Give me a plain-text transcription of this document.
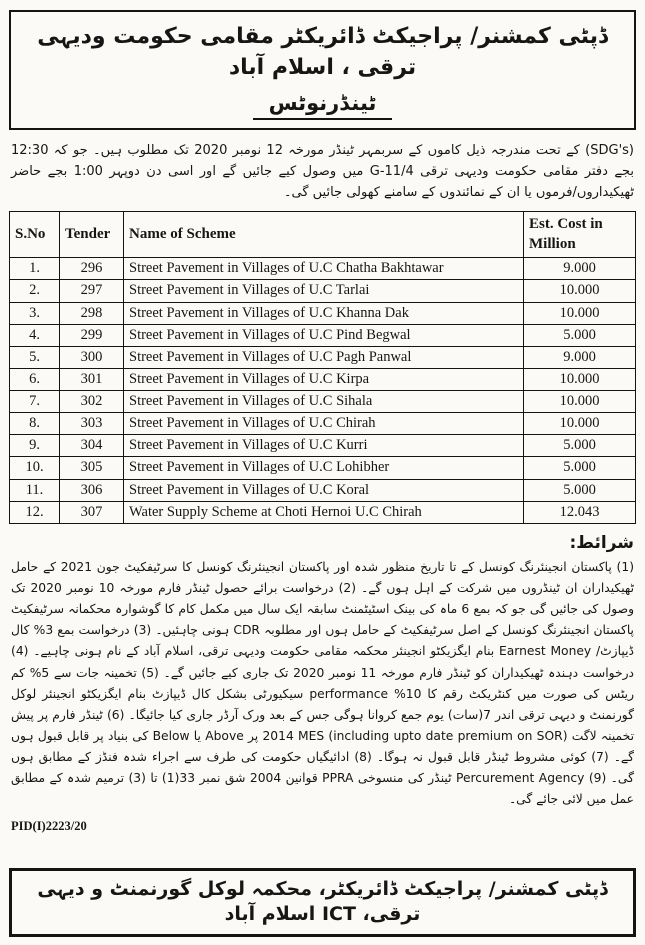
ڈپٹی کمشنر/ پراجیکٹ ڈائریکٹر مقامی حکومت ودیہی ترقی ، اسلام آباد
ٹینڈرنوٹس
(SDG's) کے تحت مندرجہ ذیل کاموں کے سربمہر ٹینڈر مورخہ 12 نومبر 2020 تک مطلوب ہیں۔ جو کہ 12:30 بجے دفتر مقامی حکومت ودیہی ترقی G-11/4 میں وصول کیے جائیں گے اور اسی دن دوپہر 1:00 بجے حاضر ٹھیکیداروں/فرموں یا ان کے نمائندوں کے سامنے کھولی جائیں گی۔
S.No	Tender	Name of Scheme	Est. Cost in Million
1.	296	Street Pavement in Villages of U.C Chatha Bakhtawar	9.000
2.	297	Street Pavement in Villages of U.C Tarlai	10.000
3.	298	Street Pavement in Villages of U.C Khanna Dak	10.000
4.	299	Street Pavement in Villages of U.C Pind Begwal	5.000
5.	300	Street Pavement in Villages of U.C Pagh Panwal	9.000
6.	301	Street Pavement in Villages of U.C Kirpa	10.000
7.	302	Street Pavement in Villages of U.C Sihala	10.000
8.	303	Street Pavement in Villages of U.C Chirah	10.000
9.	304	Street Pavement in Villages of U.C Kurri	5.000
10.	305	Street Pavement in Villages of U.C Lohibher	5.000
11.	306	Street Pavement in Villages of U.C Koral	5.000
12.	307	Water Supply Scheme at Choti Hernoi U.C Chirah	12.043
شرائط:
(1) پاکستان انجینئرنگ کونسل کے تا تاریخ منظور شدہ اور پاکستان انجینئرنگ کونسل کا سرٹیفکیٹ جون 2021 کے حامل ٹھیکیداران ان ٹینڈروں میں شرکت کے اہل ہوں گے۔ (2) درخواست برائے حصول ٹینڈر فارم مورخہ 10 نومبر 2020 تک وصول کی جائیں گی جو کہ بمع 6 ماہ کی بینک اسٹیٹمنٹ سابقہ ایک سال میں مکمل کام کا گوشوارہ محکمانہ سرٹیفکیٹ پاکستان انجینئرنگ کونسل کے اصل سرٹیفکیٹ کے حامل ہوں اور مطلوبہ CDR ہونی چاہئیں۔ (3) درخواست بمع 3% کال ڈیپازٹ/ Earnest Money بنام ایگزیکٹو انجینئر محکمہ مقامی حکومت ودیہی ترقی، اسلام آباد کے نام ہونی چاہیے۔ (4) درخواست دہندہ ٹھیکیداران کو ٹینڈر فارم مورخہ 11 نومبر 2020 تک جاری کیے جائیں گے۔ (5) تخمینہ جات سے 5% کم ریٹس کی صورت میں کنٹریکٹ رقم کا 10% performance سیکیورٹی بشکل کال ڈیپازٹ بنام ایگزیکٹو انجینئر لوکل گورنمنٹ و دیہی ترقی اندر 7(سات) یوم جمع کروانا ہوگی جس کے بعد ورک آرڈر جاری کیا جائیگا۔ (6) ٹینڈر فارم پر پیش تخمینہ لاگت (including upto date premium on SOR) 2014 MES پر Above یا Below کی بنیاد پر قابل قبول ہوں گے۔ (7) کوئی مشروط ٹینڈر قابل قبول نہ ہوگا۔ (8) ادائیگیاں حکومت کی طرف سے اجراء شدہ فنڈز کے مطابق ہوں گی۔ (9) Percurement Agency ٹینڈر کی منسوخی PPRA قوانین 2004 شق نمبر 33(1) تا (3) ترمیم شدہ کے مطابق عمل میں لائی جائے گی۔
PID(I)2223/20
ڈپٹی کمشنر/ پراجیکٹ ڈائریکٹر، محکمہ لوکل گورنمنٹ و دیہی ترقی، ICT اسلام آباد
